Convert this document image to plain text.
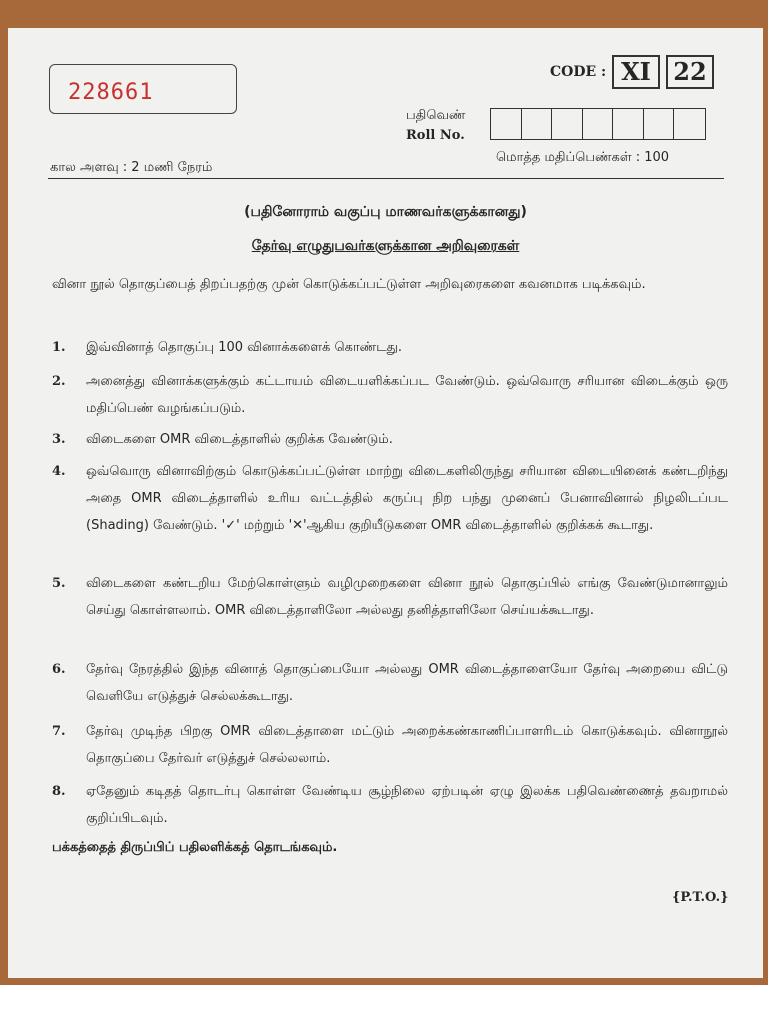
228661
CODE : XI 22
பதிவெண்
Roll No.
கால அளவு : 2 மணி நேரம்
மொத்த மதிப்பெண்கள் : 100
(பதினோராம் வகுப்பு மாணவர்களுக்கானது)
தேர்வு எழுதுபவர்களுக்கான அறிவுரைகள்
வினா நூல் தொகுப்பைத் திறப்பதற்கு முன் கொடுக்கப்பட்டுள்ள அறிவுரைகளை கவனமாக படிக்கவும்.
1.	இவ்வினாத் தொகுப்பு 100 வினாக்களைக் கொண்டது.
2.	அனைத்து வினாக்களுக்கும் கட்டாயம் விடையளிக்கப்பட வேண்டும். ஒவ்வொரு சரியான விடைக்கும் ஒரு மதிப்பெண் வழங்கப்படும்.
3.	விடைகளை OMR விடைத்தாளில் குறிக்க வேண்டும்.
4.	ஒவ்வொரு வினாவிற்கும் கொடுக்கப்பட்டுள்ள மாற்று விடைகளிலிருந்து சரியான விடையினைக் கண்டறிந்து அதை OMR விடைத்தாளில் உரிய வட்டத்தில் கருப்பு நிற பந்து முனைப் பேனாவினால் நிழலிடப்பட (Shading) வேண்டும். '✓' மற்றும் '✕'ஆகிய குறியீடுகளை OMR விடைத்தாளில் குறிக்கக் கூடாது.
5.	விடைகளை கண்டறிய மேற்கொள்ளும் வழிமுறைகளை வினா நூல் தொகுப்பில் எங்கு வேண்டுமானாலும் செய்து கொள்ளலாம். OMR விடைத்தாளிலோ அல்லது தனித்தாளிலோ செய்யக்கூடாது.
6.	தேர்வு நேரத்தில் இந்த வினாத் தொகுப்பையோ அல்லது OMR விடைத்தாளையோ தேர்வு அறையை விட்டு வெளியே எடுத்துச் செல்லக்கூடாது.
7.	தேர்வு முடிந்த பிறகு OMR விடைத்தாளை மட்டும் அறைக்கண்காணிப்பாளரிடம் கொடுக்கவும். வினாநூல் தொகுப்பை தேர்வர் எடுத்துச் செல்லலாம்.
8.	ஏதேனும் கடிதத் தொடர்பு கொள்ள வேண்டிய சூழ்நிலை ஏற்படின் ஏழு இலக்க பதிவெண்ணைத் தவறாமல் குறிப்பிடவும்.
பக்கத்தைத் திருப்பிப் பதிலளிக்கத் தொடங்கவும்.
{P.T.O.}
